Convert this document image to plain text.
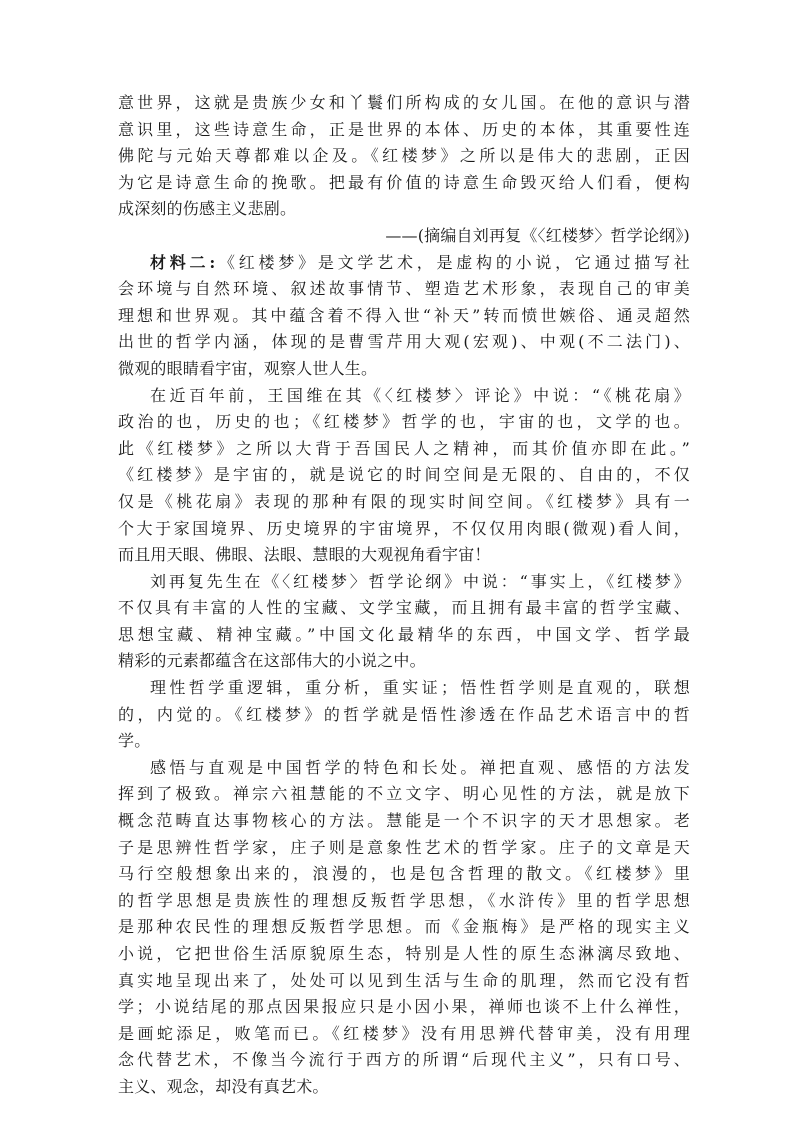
意世界，这就是贵族少女和丫鬟们所构成的女儿国。在他的意识与潜
意识里，这些诗意生命，正是世界的本体、历史的本体，其重要性连
佛陀与元始天尊都难以企及。《红楼梦》之所以是伟大的悲剧，正因
为它是诗意生命的挽歌。把最有价值的诗意生命毁灭给人们看，便构
成深刻的伤感主义悲剧。
——(摘编自刘再复《〈红楼梦〉哲学论纲》)
材料二:《红楼梦》是文学艺术，是虚构的小说，它通过描写社
会环境与自然环境、叙述故事情节、塑造艺术形象，表现自己的审美
理想和世界观。其中蕴含着不得入世“补天”转而愤世嫉俗、通灵超然
出世的哲学内涵，体现的是曹雪芹用大观(宏观)、中观(不二法门)、
微观的眼睛看宇宙，观察人世人生。
在近百年前，王国维在其《〈红楼梦〉评论》中说：“《桃花扇》
政治的也，历史的也；《红楼梦》哲学的也，宇宙的也，文学的也。
此《红楼梦》之所以大背于吾国民人之精神，而其价值亦即在此。”
《红楼梦》是宇宙的，就是说它的时间空间是无限的、自由的，不仅
仅是《桃花扇》表现的那种有限的现实时间空间。《红楼梦》具有一
个大于家国境界、历史境界的宇宙境界，不仅仅用肉眼(微观)看人间，
而且用天眼、佛眼、法眼、慧眼的大观视角看宇宙！
刘再复先生在《〈红楼梦〉哲学论纲》中说：“事实上，《红楼梦》
不仅具有丰富的人性的宝藏、文学宝藏，而且拥有最丰富的哲学宝藏、
思想宝藏、精神宝藏。”中国文化最精华的东西，中国文学、哲学最
精彩的元素都蕴含在这部伟大的小说之中。
理性哲学重逻辑，重分析，重实证；悟性哲学则是直观的，联想
的，内觉的。《红楼梦》的哲学就是悟性渗透在作品艺术语言中的哲
学。
感悟与直观是中国哲学的特色和长处。禅把直观、感悟的方法发
挥到了极致。禅宗六祖慧能的不立文字、明心见性的方法，就是放下
概念范畴直达事物核心的方法。慧能是一个不识字的天才思想家。老
子是思辨性哲学家，庄子则是意象性艺术的哲学家。庄子的文章是天
马行空般想象出来的，浪漫的，也是包含哲理的散文。《红楼梦》里
的哲学思想是贵族性的理想反叛哲学思想，《水浒传》里的哲学思想
是那种农民性的理想反叛哲学思想。而《金瓶梅》是严格的现实主义
小说，它把世俗生活原貌原生态，特别是人性的原生态淋漓尽致地、
真实地呈现出来了，处处可以见到生活与生命的肌理，然而它没有哲
学；小说结尾的那点因果报应只是小因小果，禅师也谈不上什么禅性，
是画蛇添足，败笔而已。《红楼梦》没有用思辨代替审美，没有用理
念代替艺术，不像当今流行于西方的所谓“后现代主义”，只有口号、
主义、观念，却没有真艺术。
